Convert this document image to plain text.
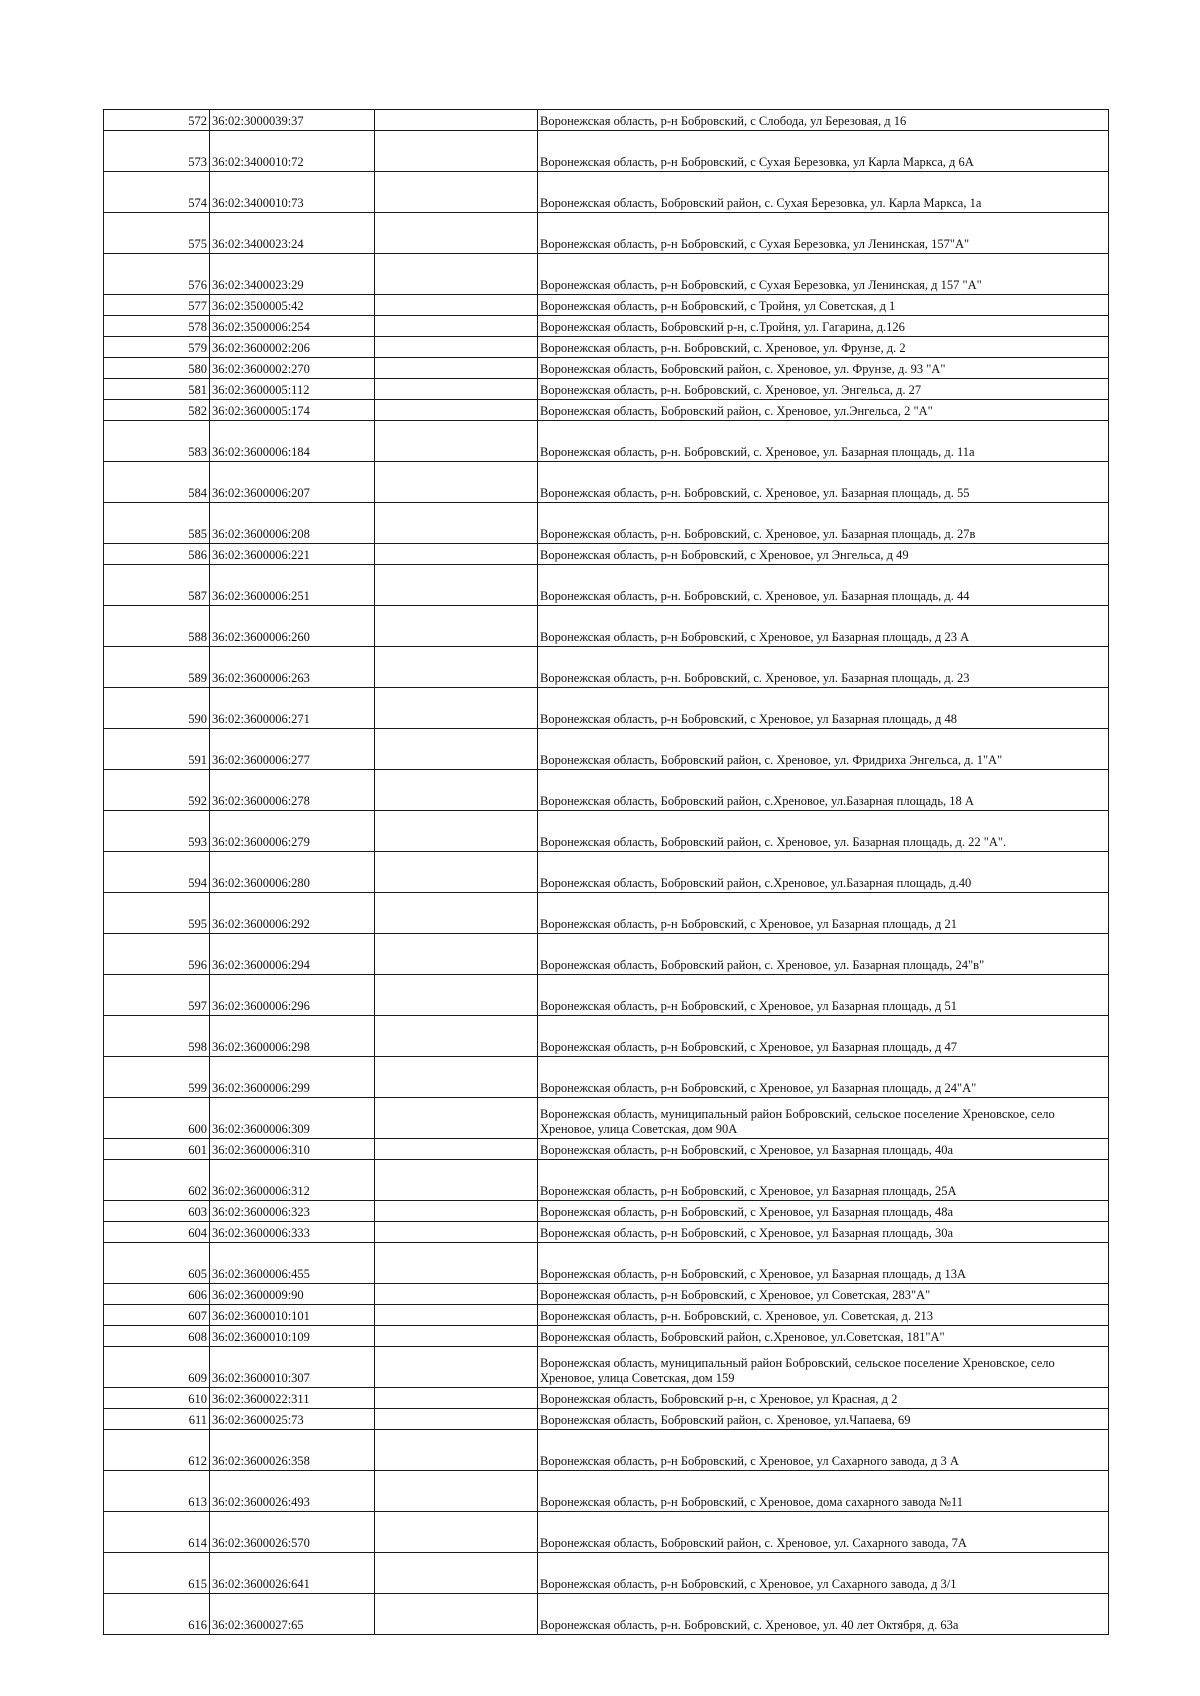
572	36:02:3000039:37		Воронежская область, р-н Бобровский, с Слобода, ул Березовая, д 16
573	36:02:3400010:72		Воронежская область, р-н Бобровский, с Сухая Березовка, ул Карла Маркса, д 6А
574	36:02:3400010:73		Воронежская область, Бобровский район, с. Сухая Березовка, ул. Карла Маркса, 1а
575	36:02:3400023:24		Воронежская область, р-н Бобровский, с Сухая Березовка, ул Ленинская, 157"А"
576	36:02:3400023:29		Воронежская область, р-н Бобровский, с Сухая Березовка, ул Ленинская, д 157 "А"
577	36:02:3500005:42		Воронежская область, р-н Бобровский, с Тройня, ул Советская, д 1
578	36:02:3500006:254		Воронежская область, Бобровский р-н, с.Тройня, ул. Гагарина, д.126
579	36:02:3600002:206		Воронежская область, р-н. Бобровский, с. Хреновое, ул. Фрунзе, д. 2
580	36:02:3600002:270		Воронежская область, Бобровский район, с. Хреновое, ул. Фрунзе, д. 93 "А"
581	36:02:3600005:112		Воронежская область, р-н. Бобровский, с. Хреновое, ул. Энгельса, д. 27
582	36:02:3600005:174		Воронежская область, Бобровский район, с. Хреновое, ул.Энгельса, 2 "А"
583	36:02:3600006:184		Воронежская область, р-н. Бобровский, с. Хреновое, ул. Базарная площадь, д. 11а
584	36:02:3600006:207		Воронежская область, р-н. Бобровский, с. Хреновое, ул. Базарная площадь, д. 55
585	36:02:3600006:208		Воронежская область, р-н. Бобровский, с. Хреновое, ул. Базарная площадь, д. 27в
586	36:02:3600006:221		Воронежская область, р-н Бобровский, с Хреновое, ул Энгельса, д 49
587	36:02:3600006:251		Воронежская область, р-н. Бобровский, с. Хреновое, ул. Базарная площадь, д. 44
588	36:02:3600006:260		Воронежская область, р-н Бобровский, с Хреновое, ул Базарная площадь, д 23 А
589	36:02:3600006:263		Воронежская область, р-н. Бобровский, с. Хреновое, ул. Базарная площадь, д. 23
590	36:02:3600006:271		Воронежская область, р-н Бобровский, с Хреновое, ул Базарная площадь, д 48
591	36:02:3600006:277		Воронежская область, Бобровский район, с. Хреновое, ул. Фридриха Энгельса, д. 1"А"
592	36:02:3600006:278		Воронежская область, Бобровский район, с.Хреновое, ул.Базарная площадь, 18 А
593	36:02:3600006:279		Воронежская область, Бобровский район, с. Хреновое, ул. Базарная площадь, д. 22 "А".
594	36:02:3600006:280		Воронежская область, Бобровский район, с.Хреновое, ул.Базарная площадь, д.40
595	36:02:3600006:292		Воронежская область, р-н Бобровский, с Хреновое, ул Базарная площадь, д 21
596	36:02:3600006:294		Воронежская область, Бобровский район, с. Хреновое, ул. Базарная площадь, 24"в"
597	36:02:3600006:296		Воронежская область, р-н Бобровский, с Хреновое, ул Базарная площадь, д 51
598	36:02:3600006:298		Воронежская область, р-н Бобровский, с Хреновое, ул Базарная площадь, д 47
599	36:02:3600006:299		Воронежская область, р-н Бобровский, с Хреновое, ул Базарная площадь, д 24"А"
600	36:02:3600006:309		Воронежская область, муниципальный район Бобровский, сельское поселение Хреновское, село Хреновое, улица Советская, дом 90А
601	36:02:3600006:310		Воронежская область, р-н Бобровский, с Хреновое, ул Базарная площадь, 40а
602	36:02:3600006:312		Воронежская область, р-н Бобровский, с Хреновое, ул Базарная площадь, 25А
603	36:02:3600006:323		Воронежская область, р-н Бобровский, с Хреновое, ул Базарная площадь, 48а
604	36:02:3600006:333		Воронежская область, р-н Бобровский, с Хреновое, ул Базарная площадь, 30а
605	36:02:3600006:455		Воронежская область, р-н Бобровский, с Хреновое, ул Базарная площадь, д 13А
606	36:02:3600009:90		Воронежская область, р-н Бобровский, с Хреновое, ул Советская, 283"А"
607	36:02:3600010:101		Воронежская область, р-н. Бобровский, с. Хреновое, ул. Советская, д. 213
608	36:02:3600010:109		Воронежская область, Бобровский район, с.Хреновое, ул.Советская, 181"А"
609	36:02:3600010:307		Воронежская область, муниципальный район Бобровский, сельское поселение Хреновское, село Хреновое, улица Советская, дом 159
610	36:02:3600022:311		Воронежская область, Бобровский р-н, с Хреновое, ул Красная, д 2
611	36:02:3600025:73		Воронежская область, Бобровский район, с. Хреновое, ул.Чапаева, 69
612	36:02:3600026:358		Воронежская область, р-н Бобровский, с Хреновое, ул Сахарного завода, д 3 А
613	36:02:3600026:493		Воронежская область, р-н Бобровский, с Хреновое, дома сахарного завода №11
614	36:02:3600026:570		Воронежская область, Бобровский район, с. Хреновое, ул. Сахарного завода, 7А
615	36:02:3600026:641		Воронежская область, р-н Бобровский, с Хреновое, ул Сахарного завода, д 3/1
616	36:02:3600027:65		Воронежская область, р-н. Бобровский, с. Хреновое, ул. 40 лет Октября, д. 63а
